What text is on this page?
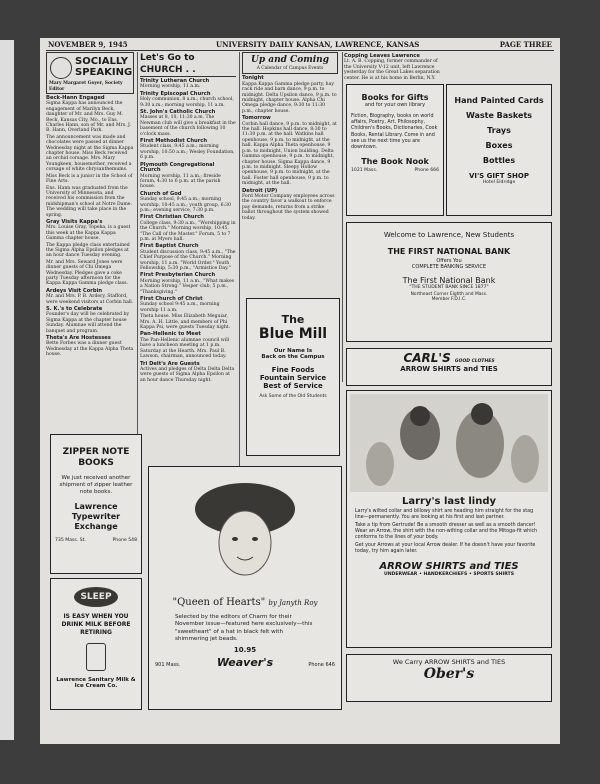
NOVEMBER 9, 1945	UNIVERSITY DAILY KANSAN, LAWRENCE, KANSAS	PAGE THREE
SOCIALLY
SPEAKING
Mary Margaret Goyer, Society Editor
Beck-Hann Engaged

Sigma Kappa has announced the engagement of Marilyn Beck, daughter of Mr. and Mrs. Guy M. Beck, Kansas City, Mo., to Ens. Charles Hann, son of Mr. and Mrs. J. B. Hann, Overland Park.

The announcement was made and chocolates were passed at dinner Wednesday night at the Sigma Kappa chapter house. Miss Beck received an orchid corsage. Mrs. Mary Youngkeen, housemother, received a corsage of white chrysanthemums.

Miss Beck is a junior in the School of Fine Arts.

Ens. Hann was graduated from the University of Minnesota, and received his commission from the midshipman's school at Notre Dame. The wedding will take place in the spring.

Gray Visits Kappa's

Mrs. Louise Gray, Topeka, is a guest this week at the Kappa Kappa Gamma chapter house.

The Kappa pledge class entertained the Sigma Alpha Epsilon pledges at an hour dance Tuesday evening.

Mr. and Mrs. Seward Jones were dinner guests of Chi Omega Wednesday. Pledges gave a coke party Tuesday afternoon for the Kappa Kappa Gamma pledge class.

Ardeys Visit Corbin

Mr. and Mrs. P. B. Ardery, Stafford, were weekend visitors at Corbin hall.

S. K.'s to Celebrate

Founder's day will be celebrated by Sigma Kappa at the chapter house Sunday. Alumnae will attend the banquet and program.

Theta's Are Hostesses

Bette Forbes was a dinner guest Wednesday at the Kappa Alpha Theta house.

Let's Go to CHURCH . .
Trinity Lutheran Church

Morning worship, 11 a.m.

Trinity Episcopal Church

Holy communion, 8 a.m.; church school, 9:30 a.m.; morning worship, 11 a.m.

St. John's Catholic Church

Masses at 8, 10, 11:30 a.m. The Newman club will give a breakfast in the basement of the church following 10 o'clock mass.

First Methodist Church

Student class, 9:45 a.m.; morning worship, 10:50 a.m.; Wesley Foundation, 6 p.m.

Plymouth Congregational Church

Morning worship, 11 a.m.; fireside forum, 4:30 to 6 p.m. at the parish house.

Church of God

Sunday school, 9:45 a.m.; morning worship, 10:45 a.m.; youth group, 6:30 p.m.; evening service, 7:30 p.m.

First Christian Church

College class, 9:30 a.m., "Worshipping in the Church." Morning worship, 10:45, "The Call of the Master." Forum, 5 to 7 p.m. at Myers hall.

First Baptist Church

Student discussion class, 9:45 a.m., "The Chief Purpose of the Church." Morning worship, 11 a.m. "World Order." Youth Fellowship, 5:30 p.m., "Armistice Day."

First Presbyterian Church

Morning worship, 11 a.m., "What makes a Nation Strong." Vesper club, 5 p.m., "Thanksgiving."

First Church of Christ

Sunday school 9:45 a.m., morning worship 11 a.m.

Theta house. Miss Elizabeth Meguiar, Mrs. A. H. Little, and members of Phi Kappa Psi, were guests Tuesday night.

Pan-Hellenic to Meet

The Pan-Hellenic alumnae council will have a luncheon meeting at 1 p.m. Saturday at the Hearth. Mrs. Paul B. Lawson, chairman, announced today.

Tri Delt's Are Guests

Actives and pledges of Delta Delta Delta were guests of Sigma Alpha Epsilon at an hour dance Thursday night.

Up and Coming
A Calendar of Campus Events
Tonight

Kappa Kappa Gamma pledge party, hay rack ride and barn dance, 9 p.m. to midnight. Delta Upsilon dance, 9 p.m. to midnight, chapter house. Alpha Chi Omega pledge dance, 9:30 to 11:30 p.m., chapter house.

Tomorrow

Corbin hall dance, 9 p.m. to midnight, at the hall. Hopkins hall dance, 8:30 to 11:30 p.m. at the hall. Watkins hall openhouse, 9 p.m. to midnight, at the hall. Kappa Alpha Theta openhouse, 9 p.m. to midnight, Union building. Delta Gamma openhouse, 9 p.m. to midnight, chapter house. Sigma Kappa dance, 9 p.m. to midnight. Sleepy Hollow openhouse, 9 p.m. to midnight, at the hall. Foster hall openhouse, 9 p.m. to midnight, at the hall.

Detroit (UP)

Ford Motor Company employees across the country favor a walkout to enforce pay demands, returns from a strike ballot throughout the system showed today.

The
Blue Mill
Our Name Is
Back on the Campus
Fine Foods
Fountain Service
Best of Service
Ask Some of the Old Students
Copping Leaves Lawrence

Lt. A. B. Copping, former commander of the University V-12 unit, left Lawrence yesterday for the Great Lakes separation center. He is at his home in Berlin, N.Y.

Books for Gifts
and for your own library
Fiction, Biography, books on world affairs, Poetry, Art, Philosophy, Children's Books, Dictionaries, Cook Books, Rental Library. Come in and see us the next time you are downtown.
The Book Nook
1021 Mass.	Phone 666
Hand Painted Cards
Waste Baskets
Trays
Boxes
Bottles
VI'S GIFT SHOP
Hotel Eldridge
Welcome to Lawrence, New Students
THE FIRST NATIONAL BANK
Offers You
COMPLETE BANKING SERVICE
The First National Bank
"THE STUDENT BANK SINCE 1877"
Northeast Corner Eighth and Mass.
Member F.D.I.C.
CARL'S GOOD CLOTHES
ARROW SHIRTS and TIES
Larry's last lindy

Larry's wilted collar and billowy shirt are heading him straight for the stag line—permanently. You are looking at his first and last partner.

Take a tip from Gertrude! Be a smooth dresser as well as a smooth dancer! Wear an Arrow, the shirt with the non-wilting collar and the Mitoga-fit which conforms to the lines of your body.

Get your Arrows at your local Arrow dealer. If he doesn't have your favorite today, try him again later.

ARROW SHIRTS and TIES
UNDERWEAR • HANDKERCHIEFS • SPORTS SHIRTS
We Carry ARROW SHIRTS and TIES
Ober's
ZIPPER NOTE BOOKS
We just received another shipment of zipper leather note books.
Lawrence Typewriter Exchange
735 Mass. St.	Phone 548
SLEEP
IS EASY WHEN YOU DRINK MILK BEFORE RETIRING
Lawrence Sanitary Milk & Ice Cream Co.
"Queen of Hearts" by Janyth Roy
Selected by the editors of Charm for their November issue—featured here exclusively—this "sweetheart" of a hat in black felt with shimmering jet beads.
10.95
901 Mass.	Weaver's	Phone 646
